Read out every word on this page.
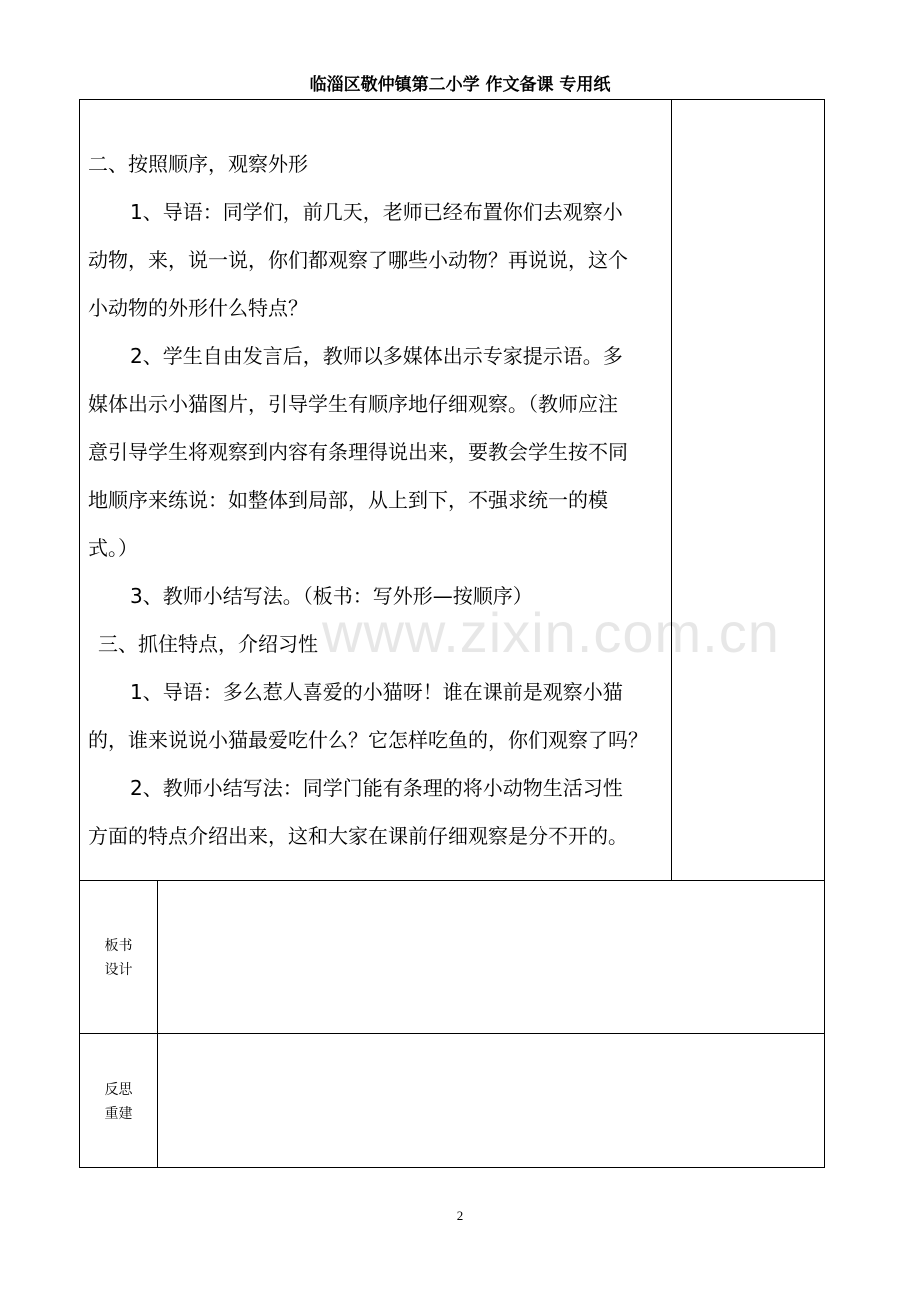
临淄区敬仲镇第二小学 作文备课 专用纸
二、按照顺序，观察外形
1、导语：同学们，前几天，老师已经布置你们去观察小
动物，来，说一说，你们都观察了哪些小动物？再说说，这个
小动物的外形什么特点？
2、学生自由发言后，教师以多媒体出示专家提示语。多
媒体出示小猫图片，引导学生有顺序地仔细观察。（教师应注
意引导学生将观察到内容有条理得说出来，要教会学生按不同
地顺序来练说：如整体到局部，从上到下，不强求统一的模
式。）
3、教师小结写法。（板书：写外形—按顺序）
三、抓住特点，介绍习性
1、导语：多么惹人喜爱的小猫呀！谁在课前是观察小猫
的，谁来说说小猫最爱吃什么？它怎样吃鱼的，你们观察了吗？
2、教师小结写法：同学门能有条理的将小动物生活习性
方面的特点介绍出来，这和大家在课前仔细观察是分不开的。
www.zixin.com.cn
板书
设计
反思
重建
2
